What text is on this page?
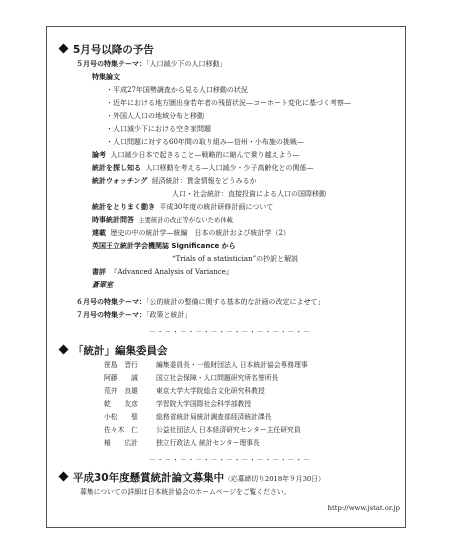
5月号以降の予告
５月号の特集テーマ：「人口減少下の人口移動」
特集論文
・平成27年国勢調査から見る人口移動の状況
・近年における地方圏出身若年者の残留状況—コーホート変化に基づく考察—
・外国人人口の地域分布と移動
・人口減少下における空き家問題
・人口問題に対する60年間の取り組み—信州・小布施の挑戦—
論考 人口減少日本で起きること—戦略的に縮んで乗り越えよう—
統計を探し知る 人口移動を考える—人口減少・少子高齢化との関係—
統計ウォッチング 経済統計：賃金情報をどうみるか
人口・社会統計：直接投資による人口の国際移動
統計をとりまく動き 平成30年度の統計研修計画について
時事統計問答 主要統計の改正等がないため休載
連載 歴史の中の統計学—統編　日本の統計および統計学（2）
英国王立統計学会機関誌 Significance から
“Trials of a statistician”の抄訳と解説
書評 『Advanced Analysis of Variance』
蒼翠室
６月号の特集テーマ：「公的統計の整備に関する基本的な計画の改定によせて」
７月号の特集テーマ：「政策と統計」
－・－・－・－・－・－・－・－・－・－・－
「統計」編集委員会
笹島　晋行	編集委員長・一般財団法人 日本統計協会専務理事
阿藤　　誠	国立社会保障・人口問題研究所名誉所長
荒井　良雄	東京大学大学院総合文化研究科教授
乾　　友彦	学習院大学国際社会科学部教授
小松　　聖	総務省統計局統計調査部経済統計課長
佐々木　仁	公益社団法人 日本経済研究センター主任研究員
椿　　広計	独立行政法人 統計センター理事長
－・－・－・－・－・－・－・－・－・－・－
平成30年度懸賞統計論文募集中（応募締切り2018年９月30日）
募集についての詳細は日本統計協会のホームページをご覧ください。
http://www.jstat.or.jp
